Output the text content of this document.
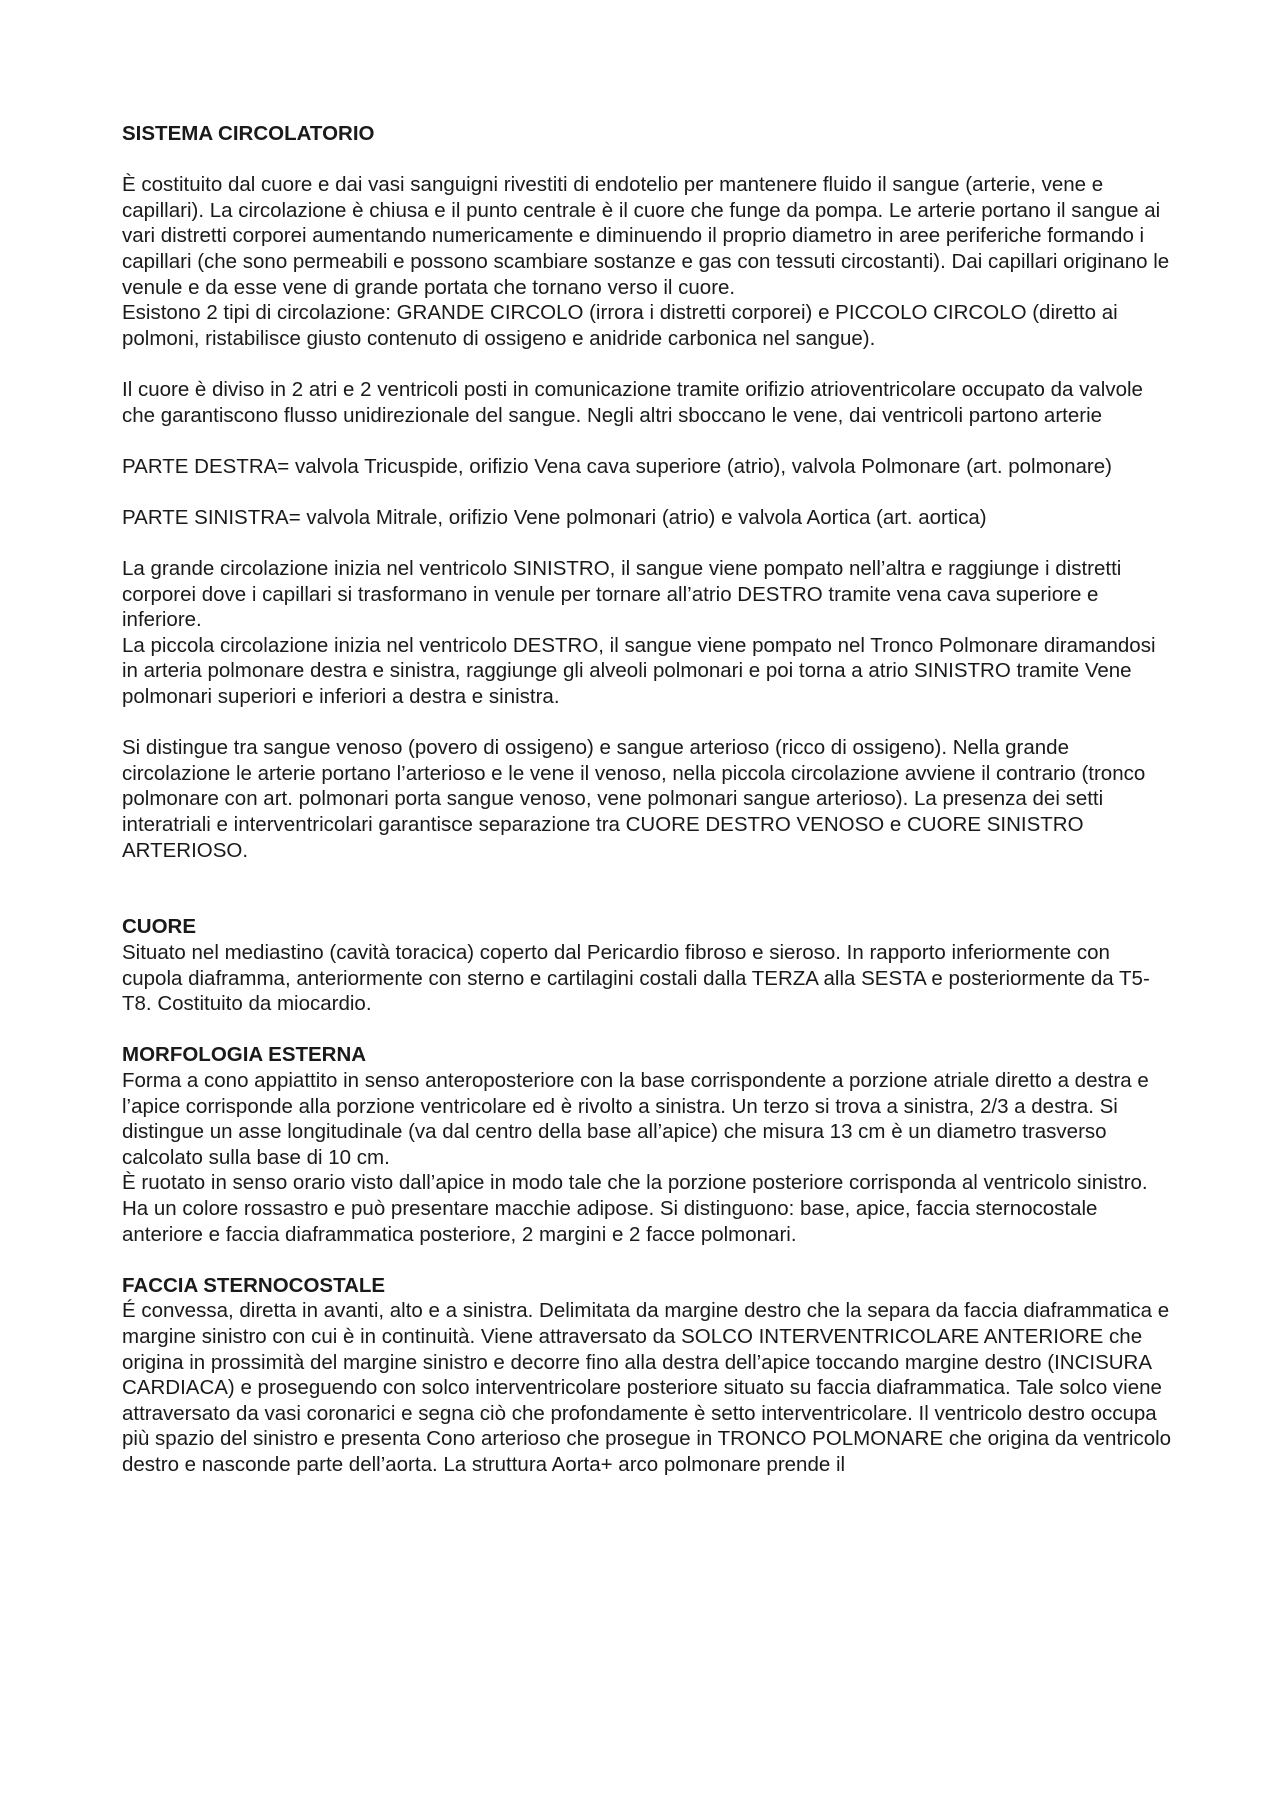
SISTEMA CIRCOLATORIO

È costituito dal cuore e dai vasi sanguigni rivestiti di endotelio per mantenere fluido il sangue (arterie, vene e capillari). La circolazione è chiusa e il punto centrale è il cuore che funge da pompa. Le arterie portano il sangue ai vari distretti corporei aumentando numericamente e diminuendo il proprio diametro in aree periferiche formando i capillari (che sono permeabili e possono scambiare sostanze e gas con tessuti circostanti). Dai capillari originano le venule e da esse vene di grande portata che tornano verso il cuore.

Esistono 2 tipi di circolazione: GRANDE CIRCOLO (irrora i distretti corporei) e PICCOLO CIRCOLO (diretto ai polmoni, ristabilisce giusto contenuto di ossigeno e anidride carbonica nel sangue).

Il cuore è diviso in 2 atri e 2 ventricoli posti in comunicazione tramite orifizio atrioventricolare occupato da valvole che garantiscono flusso unidirezionale del sangue. Negli altri sboccano le vene, dai ventricoli partono arterie

PARTE DESTRA= valvola Tricuspide, orifizio Vena cava superiore (atrio), valvola Polmonare (art. polmonare)

PARTE SINISTRA= valvola Mitrale, orifizio Vene polmonari (atrio) e valvola Aortica (art. aortica)

La grande circolazione inizia nel ventricolo SINISTRO, il sangue viene pompato nell’altra e raggiunge i distretti corporei dove i capillari si trasformano in venule per tornare all’atrio DESTRO tramite vena cava superiore e inferiore.

La piccola circolazione inizia nel ventricolo DESTRO, il sangue viene pompato nel Tronco Polmonare diramandosi in arteria polmonare destra e sinistra, raggiunge gli alveoli polmonari e poi torna a atrio SINISTRO tramite Vene polmonari superiori e inferiori a destra e sinistra.

Si distingue tra sangue venoso (povero di ossigeno) e sangue arterioso (ricco di ossigeno). Nella grande circolazione le arterie portano l’arterioso e le vene il venoso, nella piccola circolazione avviene il contrario (tronco polmonare con art. polmonari porta sangue venoso, vene polmonari sangue arterioso). La presenza dei setti interatriali e interventricolari garantisce separazione tra CUORE DESTRO VENOSO e CUORE SINISTRO ARTERIOSO.

CUORE

Situato nel mediastino (cavità toracica) coperto dal Pericardio fibroso e sieroso. In rapporto inferiormente con cupola diaframma, anteriormente con sterno e cartilagini costali dalla TERZA alla SESTA e posteriormente da T5-T8. Costituito da miocardio.

MORFOLOGIA ESTERNA

Forma a cono appiattito in senso anteroposteriore con la base corrispondente a porzione atriale diretto a destra e l’apice corrisponde alla porzione ventricolare ed è rivolto a sinistra. Un terzo si trova a sinistra, 2/3 a destra. Si distingue un asse longitudinale (va dal centro della base all’apice) che misura 13 cm è un diametro trasverso calcolato sulla base di 10 cm.

È ruotato in senso orario visto dall’apice in modo tale che la porzione posteriore corrisponda al ventricolo sinistro. Ha un colore rossastro e può presentare macchie adipose. Si distinguono: base, apice, faccia sternocostale anteriore e faccia diaframmatica posteriore, 2 margini e 2 facce polmonari.

FACCIA STERNOCOSTALE

É convessa, diretta in avanti, alto e a sinistra. Delimitata da margine destro che la separa da faccia diaframmatica e margine sinistro con cui è in continuità. Viene attraversato da SOLCO INTERVENTRICOLARE ANTERIORE che origina in prossimità del margine sinistro e decorre fino alla destra dell’apice toccando margine destro (INCISURA CARDIACA) e proseguendo con solco interventricolare posteriore situato su faccia diaframmatica. Tale solco viene attraversato da vasi coronarici e segna ciò che profondamente è setto interventricolare. Il ventricolo destro occupa più spazio del sinistro e presenta Cono arterioso che prosegue in TRONCO POLMONARE che origina da ventricolo destro e nasconde parte dell’aorta. La struttura Aorta+ arco polmonare prende il
